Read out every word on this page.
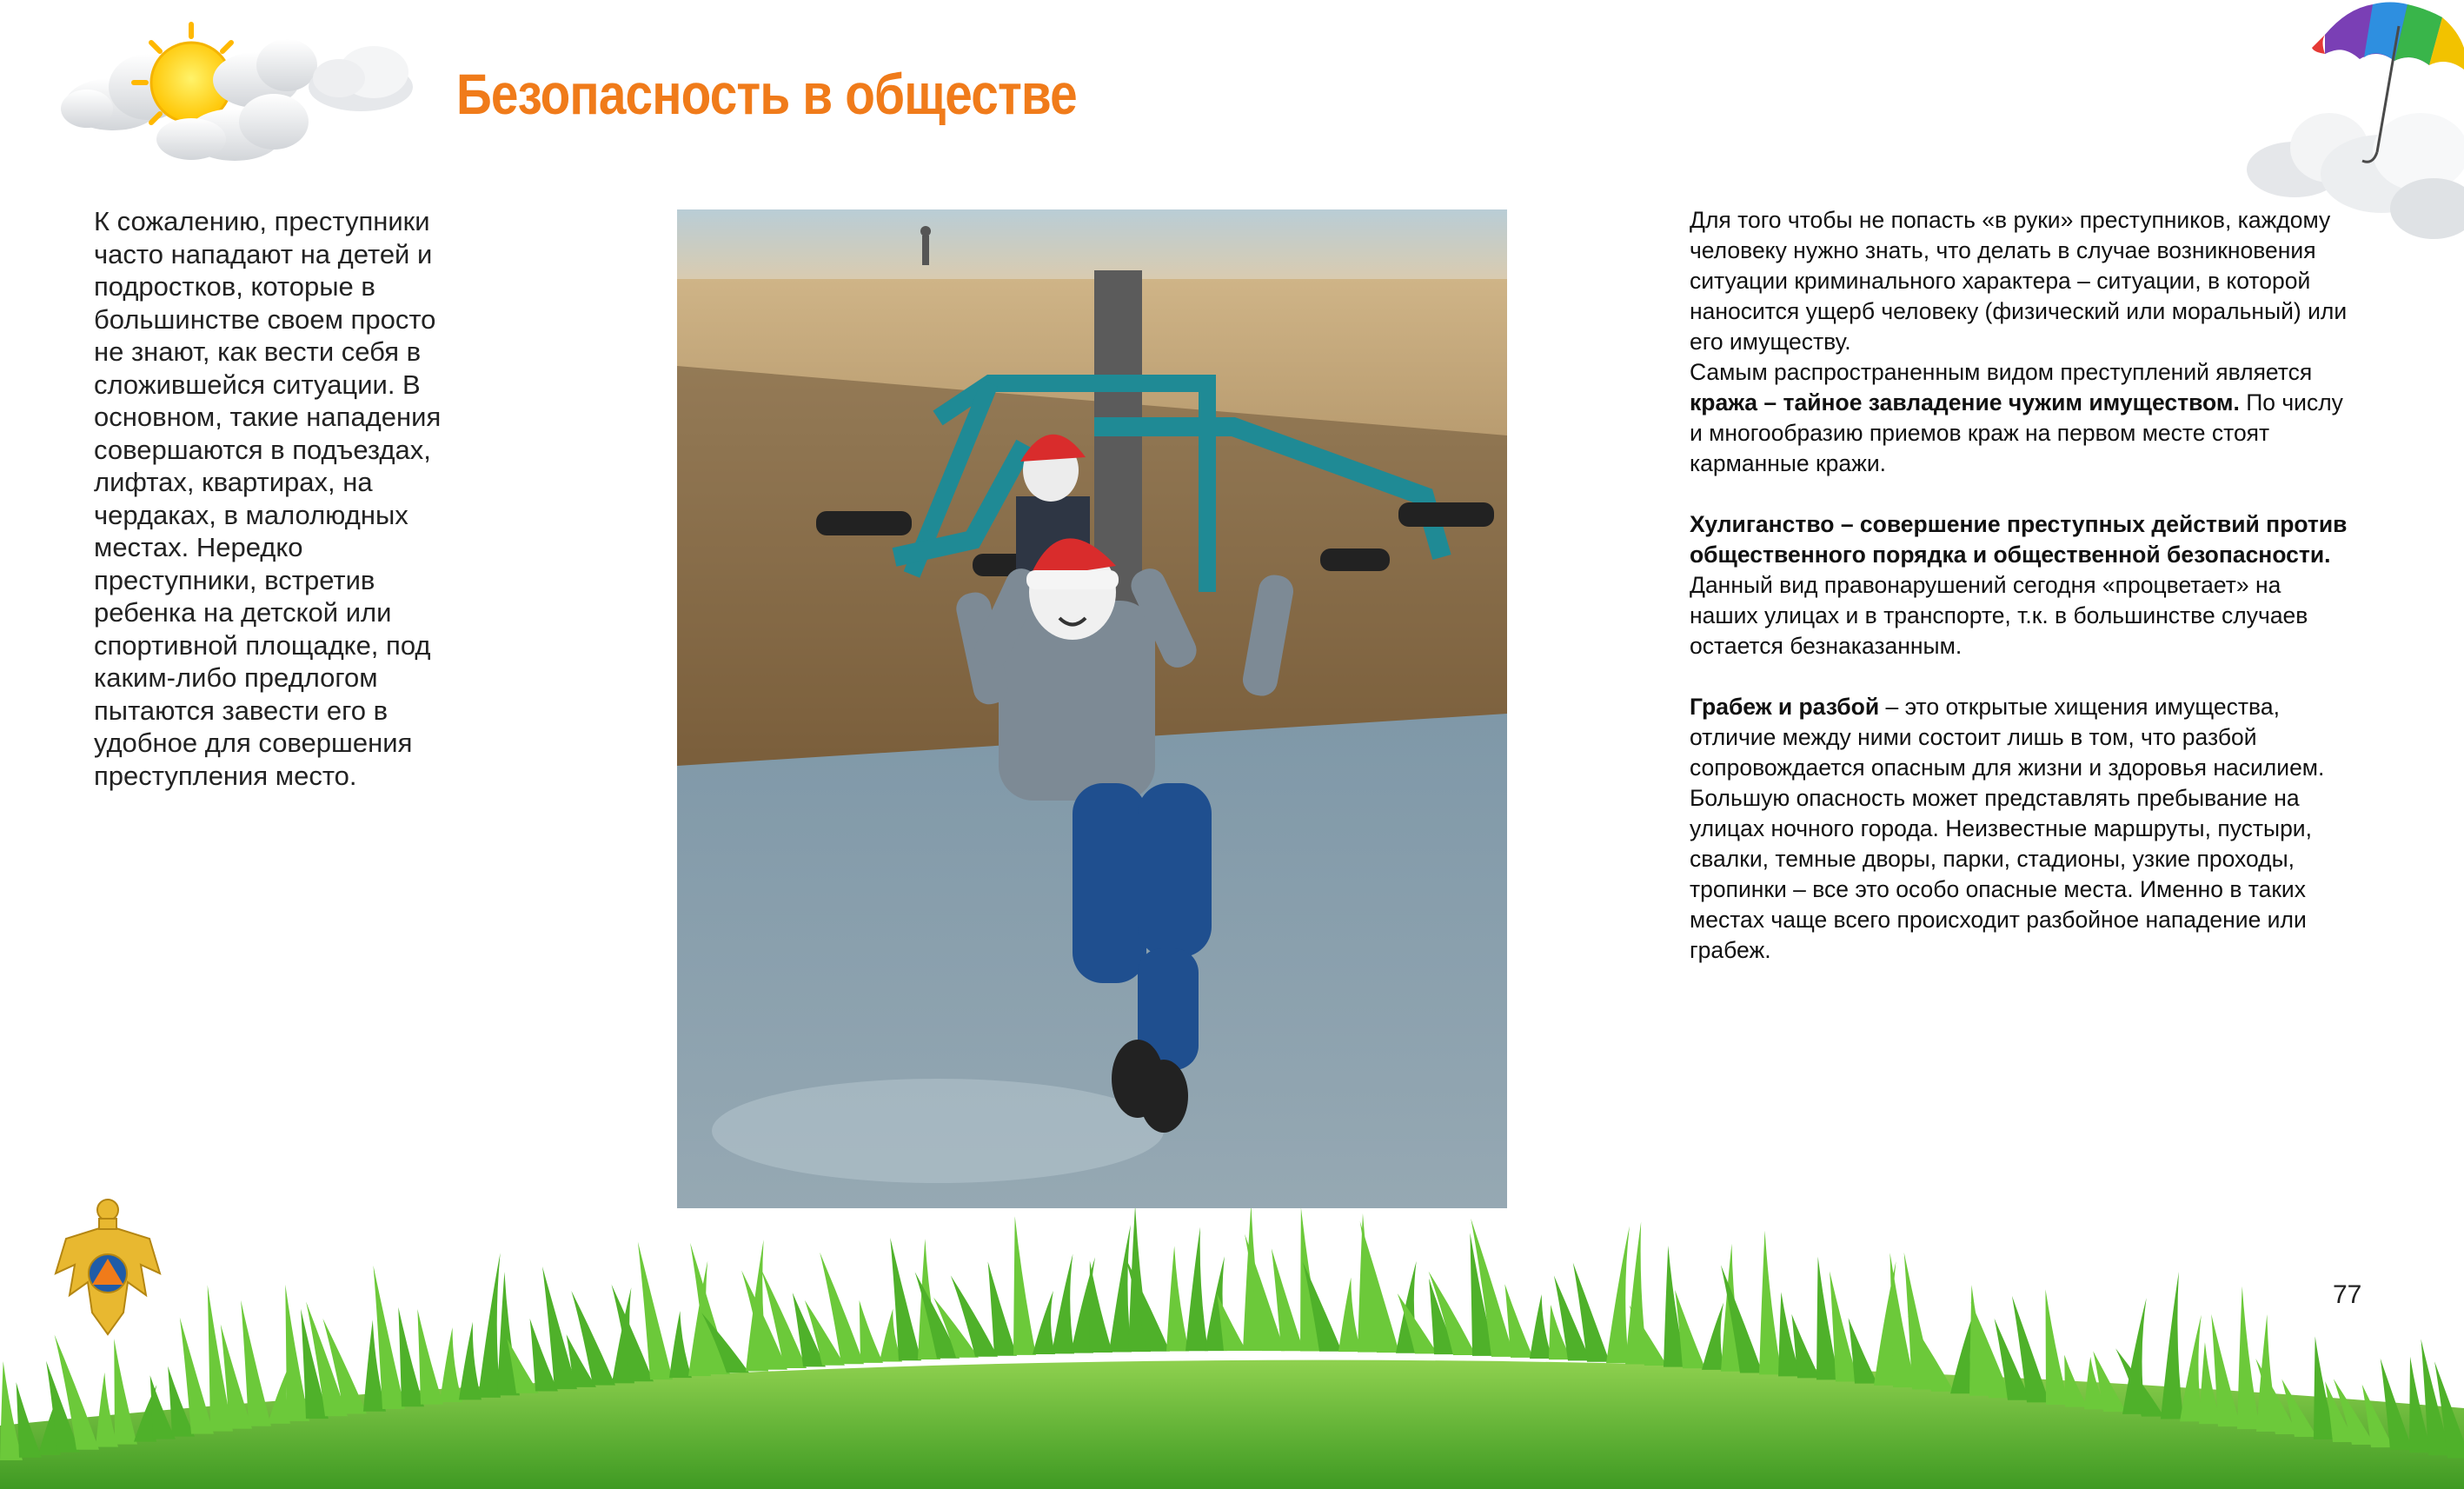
Безопасность в обществе

К сожалению, преступники часто нападают на детей и подростков, которые в большинстве своем просто не знают, как вести себя в сложившейся ситуации. В основном, такие нападения совершаются в подъездах, лифтах, квартирах, на чердаках, в малолюдных местах. Нередко преступники, встретив ребенка на детской или спортивной площадке, под каким-либо предлогом пытаются завести его в удобное для совершения преступления место.

Для того чтобы не попасть «в руки» преступников, каждому человеку нужно знать, что делать в случае возникновения ситуации криминального характера – ситуации, в которой наносится ущерб человеку (физический или моральный) или его имуществу.

Самым распространенным видом преступлений является кража – тайное завладение чужим имуществом. По числу и многообразию приемов краж на первом месте стоят карманные кражи.

Хулиганство – совершение преступных действий против общественного порядка и общественной безопасности. Данный вид правонарушений сегодня «процветает» на наших улицах и в транспорте, т.к. в большинстве случаев остается безнаказанным.

Грабеж и разбой – это открытые хищения имущества, отличие между ними состоит лишь в том, что разбой сопровождается опасным для жизни и здоровья насилием. Большую опасность может представлять пребывание на улицах ночного города. Неизвестные маршруты, пустыри, свалки, темные дворы, парки, стадионы, узкие проходы, тропинки – все это особо опасные места. Именно в таких местах чаще всего происходит разбойное нападение или грабеж.

77
